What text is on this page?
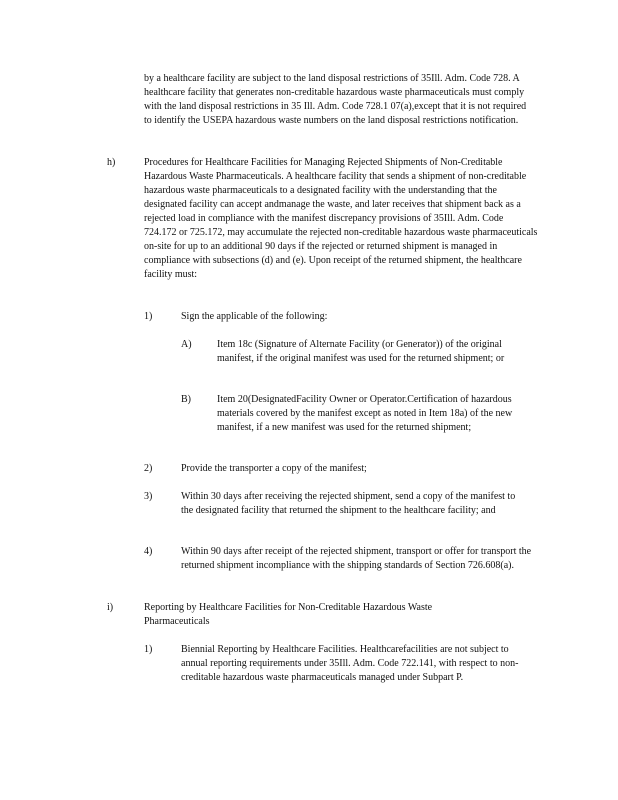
by a healthcare facility are subject to the land disposal restrictions of 35Ill. Adm. Code 728. A healthcare facility that generates non-creditable hazardous waste pharmaceuticals must comply with the land disposal restrictions in 35 Ill. Adm. Code 728.1 07(a),except that it is not required to identify the USEPA hazardous waste numbers on the land disposal restrictions notification.
h)	Procedures for Healthcare Facilities for Managing Rejected Shipments of Non-Creditable Hazardous Waste Pharmaceuticals. A healthcare facility that sends a shipment of non-creditable hazardous waste pharmaceuticals to a designated facility with the understanding that the designated facility can accept andmanage the waste, and later receives that shipment back as a rejected load in compliance with the manifest discrepancy provisions of 35Ill. Adm. Code 724.172 or 725.172, may accumulate the rejected non-creditable hazardous waste pharmaceuticals on-site for up to an additional 90 days if the rejected or returned shipment is managed in compliance with subsections (d) and (e). Upon receipt of the returned shipment, the healthcare facility must:
1)	Sign the applicable of the following:
A)	Item 18c (Signature of Alternate Facility (or Generator)) of the original manifest, if the original manifest was used for the returned shipment; or
B)	Item 20(DesignatedFacility Owner or Operator.Certification of hazardous materials covered by the manifest except as noted in Item 18a) of the new manifest, if a new manifest was used for the returned shipment;
2)	Provide the transporter a copy of the manifest;
3)	Within 30 days after receiving the rejected shipment, send a copy of the manifest to the designated facility that returned the shipment to the healthcare facility; and
4)	Within 90 days after receipt of the rejected shipment, transport or offer for transport the returned shipment incompliance with the shipping standards of Section 726.608(a).
i)	Reporting by Healthcare Facilities for Non-Creditable Hazardous Waste Pharmaceuticals
1)	Biennial Reporting by Healthcare Facilities. Healthcarefacilities are not subject to annual reporting requirements under 35Ill. Adm. Code 722.141, with respect to non-creditable hazardous waste pharmaceuticals managed under Subpart P.
